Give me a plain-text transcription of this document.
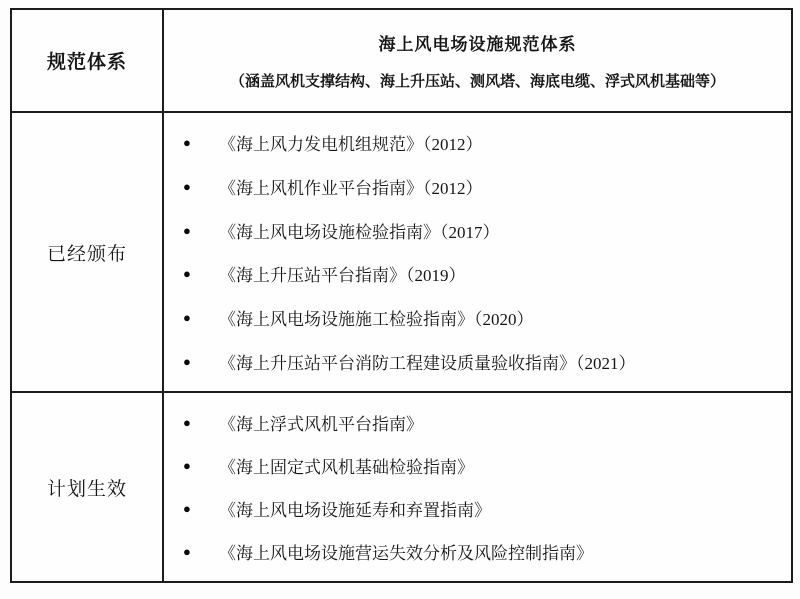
规范体系
海上风电场设施规范体系
（涵盖风机支撑结构、海上升压站、测风塔、海底电缆、浮式风机基础等）
已经颁布
● 《海上风力发电机组规范》（2012）
● 《海上风机作业平台指南》（2012）
● 《海上风电场设施检验指南》（2017）
● 《海上升压站平台指南》（2019）
● 《海上风电场设施施工检验指南》（2020）
● 《海上升压站平台消防工程建设质量验收指南》（2021）
计划生效
● 《海上浮式风机平台指南》
● 《海上固定式风机基础检验指南》
● 《海上风电场设施延寿和弃置指南》
● 《海上风电场设施营运失效分析及风险控制指南》
